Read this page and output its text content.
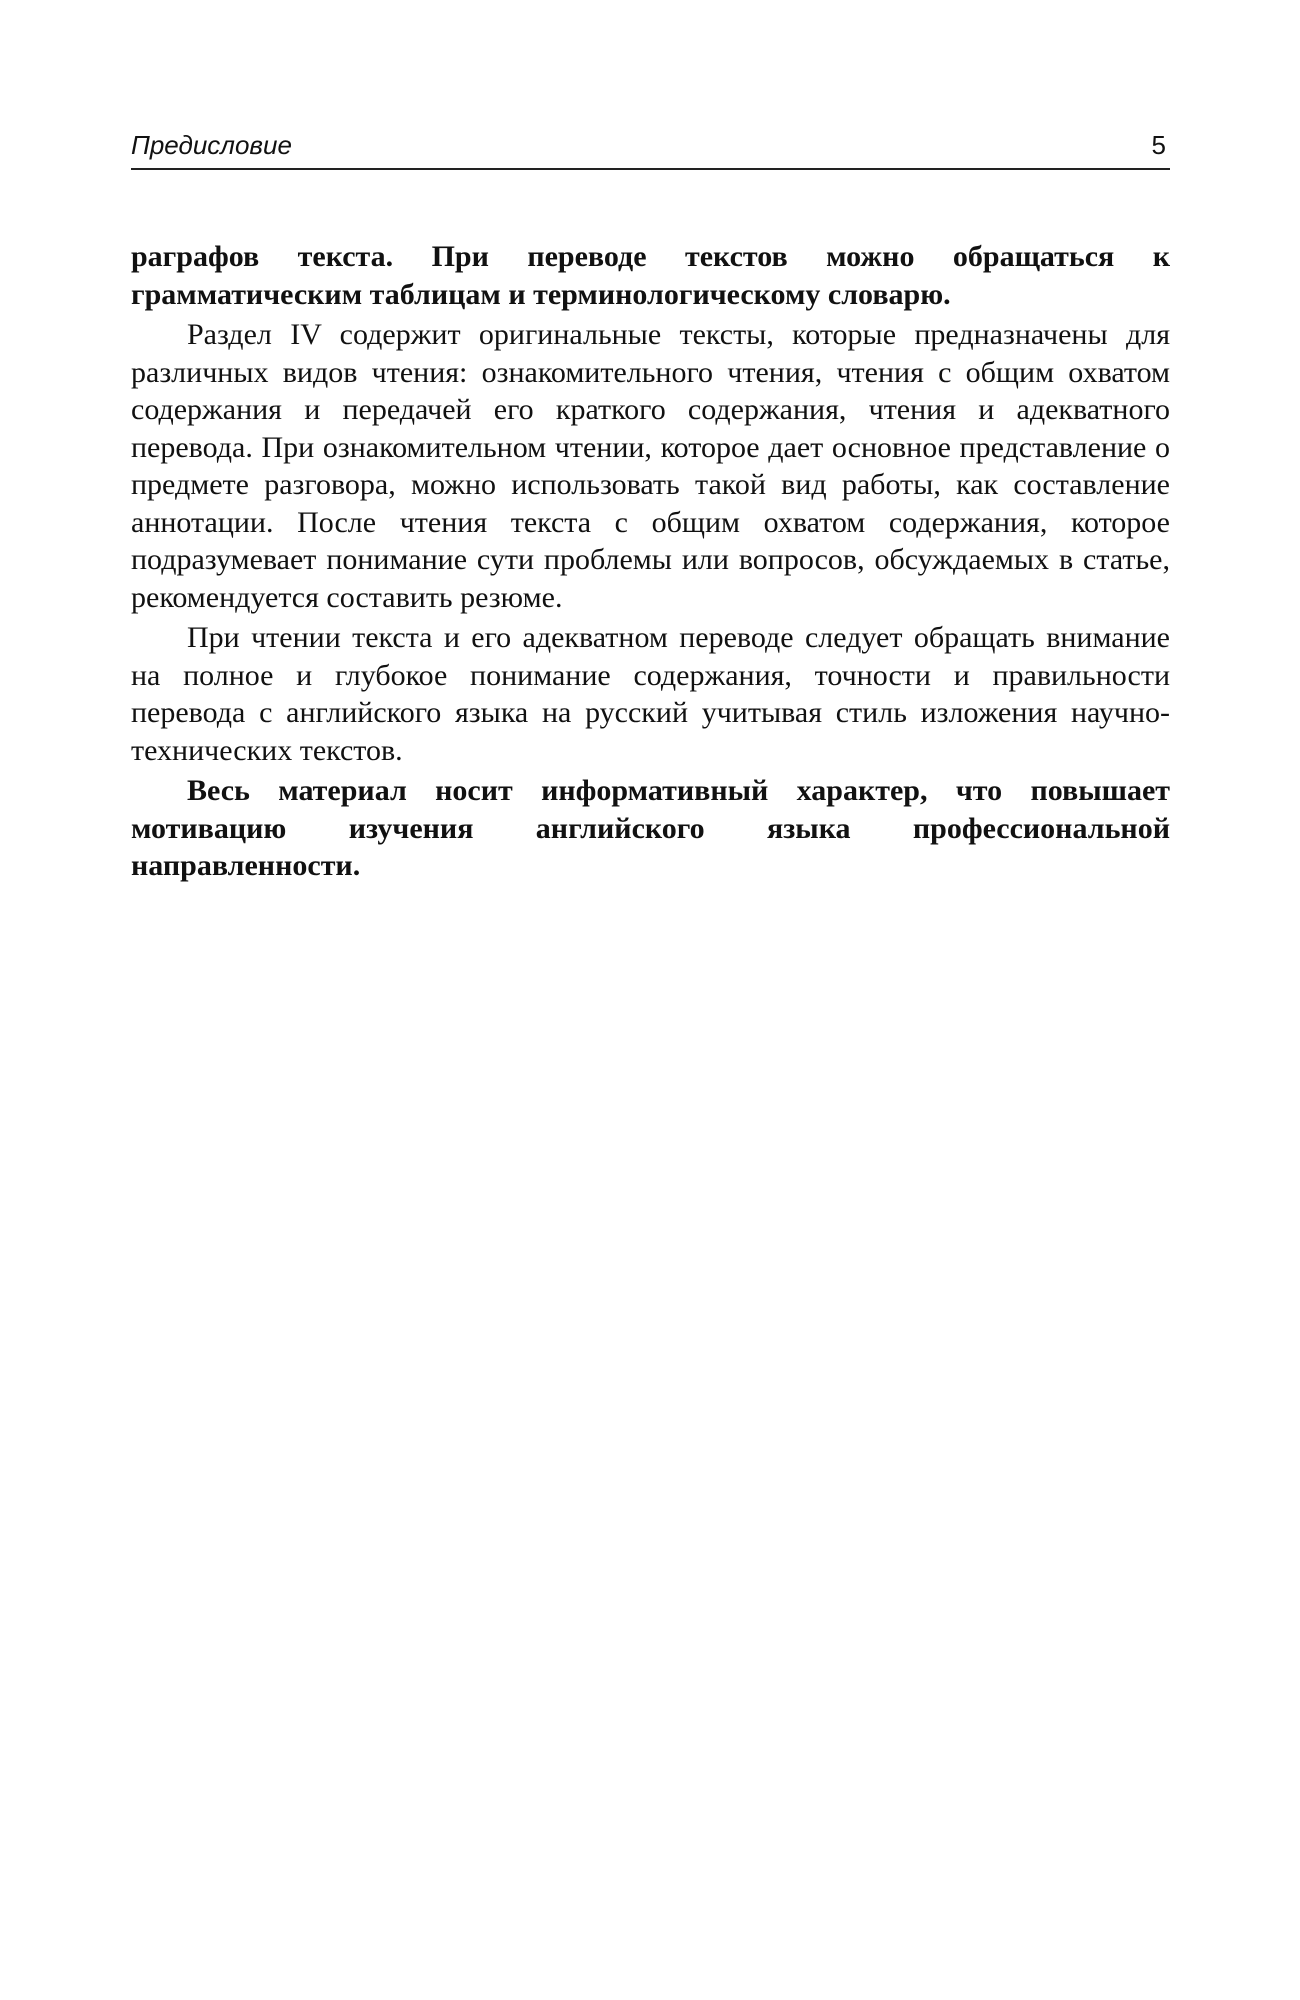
Предисловие	5

раграфов текста. При переводе текстов можно обращаться к грамматическим таблицам и терминологическому словарю.

Раздел IV содержит оригинальные тексты, которые предназначены для различных видов чтения: ознакомительного чтения, чтения с общим охватом содержания и передачей его краткого содержания, чтения и адекватного перевода. При ознакомительном чтении, которое дает основное представление о предмете разговора, можно использовать такой вид работы, как составление аннотации. После чтения текста с общим охватом содержания, которое подразумевает понимание сути проблемы или вопросов, обсуждаемых в статье, рекомендуется составить резюме.

При чтении текста и его адекватном переводе следует обращать внимание на полное и глубокое понимание содержания, точности и правильности перевода с английского языка на русский учитывая стиль изложения научно-технических текстов.

Весь материал носит информативный характер, что повышает мотивацию изучения английского языка профессиональной направленности.
